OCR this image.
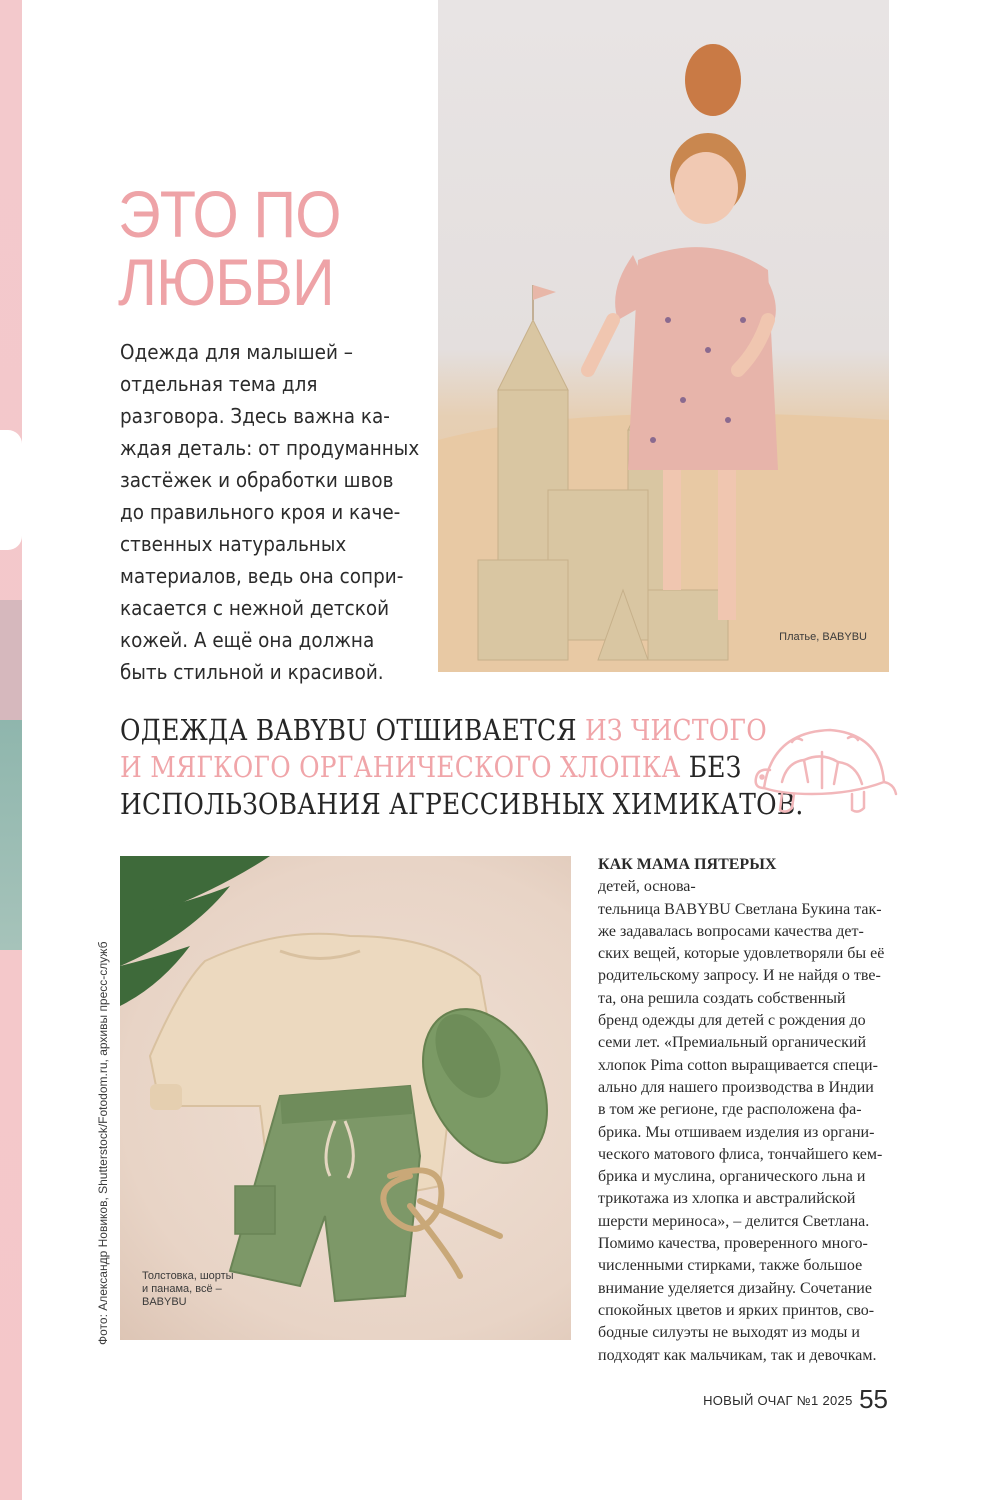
ЭТО ПО
ЛЮБВИ

Одежда для малышей –
отдельная тема для
разговора. Здесь важна ка-
ждая деталь: от продуманных
застёжек и обработки швов
до правильного кроя и каче-
ственных натуральных
материалов, ведь она сопри-
касается с нежной детской
кожей. А ещё она должна
быть стильной и красивой.

Платье, BABYBU
ОДЕЖДА BABYBU ОТШИВАЕТСЯ ИЗ ЧИСТОГО
И МЯГКОГО ОРГАНИЧЕСКОГО ХЛОПКА БЕЗ
ИСПОЛЬЗОВАНИЯ АГРЕССИВНЫХ ХИМИКАТОВ.
Фото: Александр Новиков, Shutterstock/Fotodom.ru, архивы пресс-служб	Толстовка, шорты и панама, всё – BABYBU

КАК МАМА ПЯТЕРЫХ
детей, основа-
тельница BABYBU Светлана Букина так-
же задавалась вопросами качества дет-
ских вещей, которые удовлетворяли бы её
родительскому запросу. И не найдя о тве-
та, она решила создать собственный
бренд одежды для детей с рождения до
семи лет. «Премиальный органический
хлопок Pima cotton выращивается специ-
ально для нашего производства в Индии
в том же регионе, где расположена фа-
брика. Мы отшиваем изделия из органи-
ческого матового флиса, тончайшего кем-
брика и муслина, органического льна и
трикотажа из хлопка и австралийской
шерсти мериноса», – делится Светлана.
Помимо качества, проверенного много-
численными стирками, также большое
внимание уделяется дизайну. Сочетание
спокойных цветов и ярких принтов, сво-
бодные силуэты не выходят из моды и
подходят как мальчикам, так и девочкам.

НОВЫЙ ОЧАГ №1 2025 55
